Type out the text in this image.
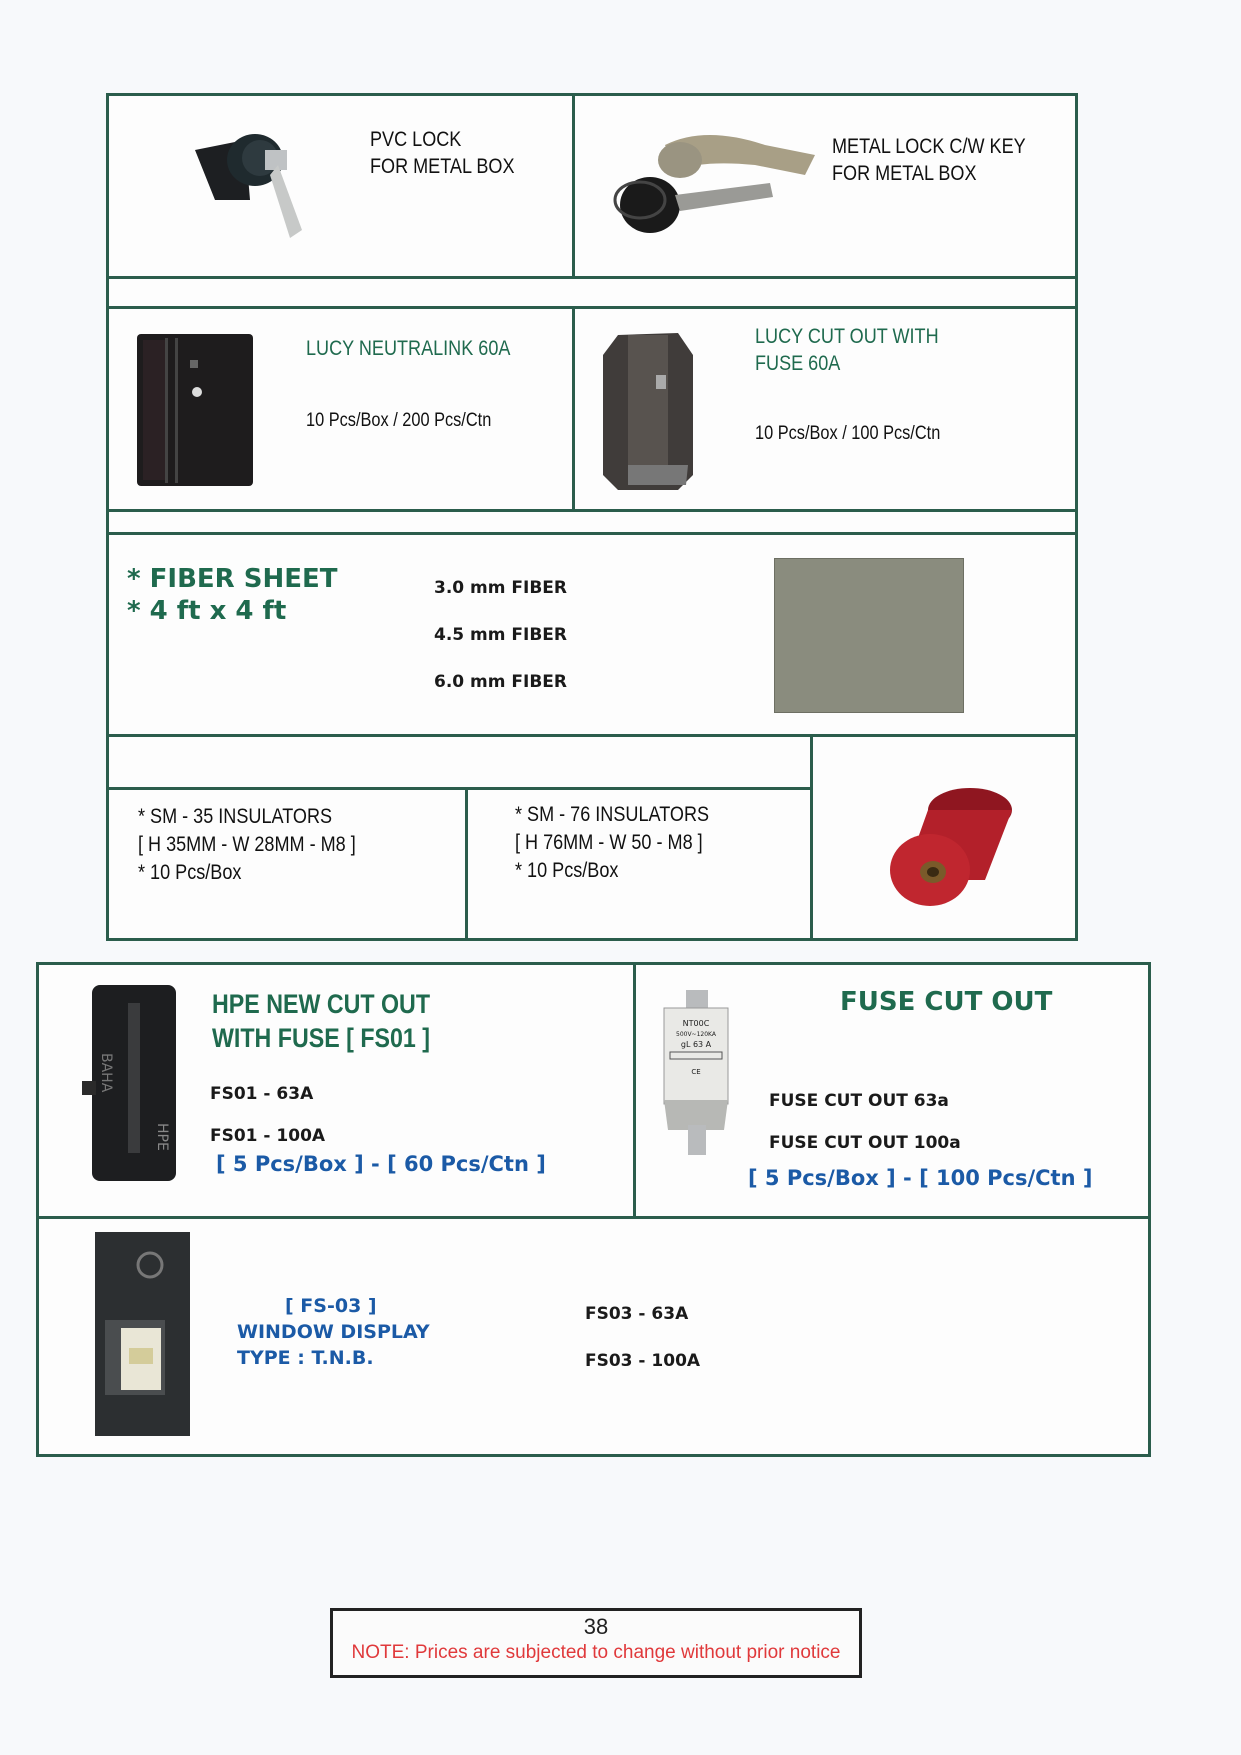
PVC LOCK
FOR METAL BOX
METAL LOCK C/W KEY
FOR METAL BOX
LUCY NEUTRALINK 60A
10 Pcs/Box / 200 Pcs/Ctn
LUCY CUT OUT WITH
FUSE 60A
10 Pcs/Box / 100 Pcs/Ctn
* FIBER SHEET
* 4 ft x 4 ft
3.0 mm FIBER
4.5 mm FIBER
6.0 mm FIBER
* SM - 35 INSULATORS
[ H 35MM - W 28MM - M8 ]
* 10 Pcs/Box
* SM - 76 INSULATORS
[ H 76MM - W 50 - M8 ]
* 10 Pcs/Box
BAHA
HPE
HPE NEW CUT OUT
WITH FUSE [ FS01 ]
FS01 - 63A
FS01 - 100A
[ 5 Pcs/Box ] - [ 60 Pcs/Ctn ]
NT00C
500V~120KA
gL 63 A
CE
FUSE CUT OUT
FUSE CUT OUT 63a
FUSE CUT OUT 100a
[ 5 Pcs/Box ] - [ 100 Pcs/Ctn ]
[ FS-03 ]
WINDOW DISPLAY
TYPE : T.N.B.
FS03 - 63A
FS03 - 100A
38
NOTE: Prices are subjected to change without prior notice
